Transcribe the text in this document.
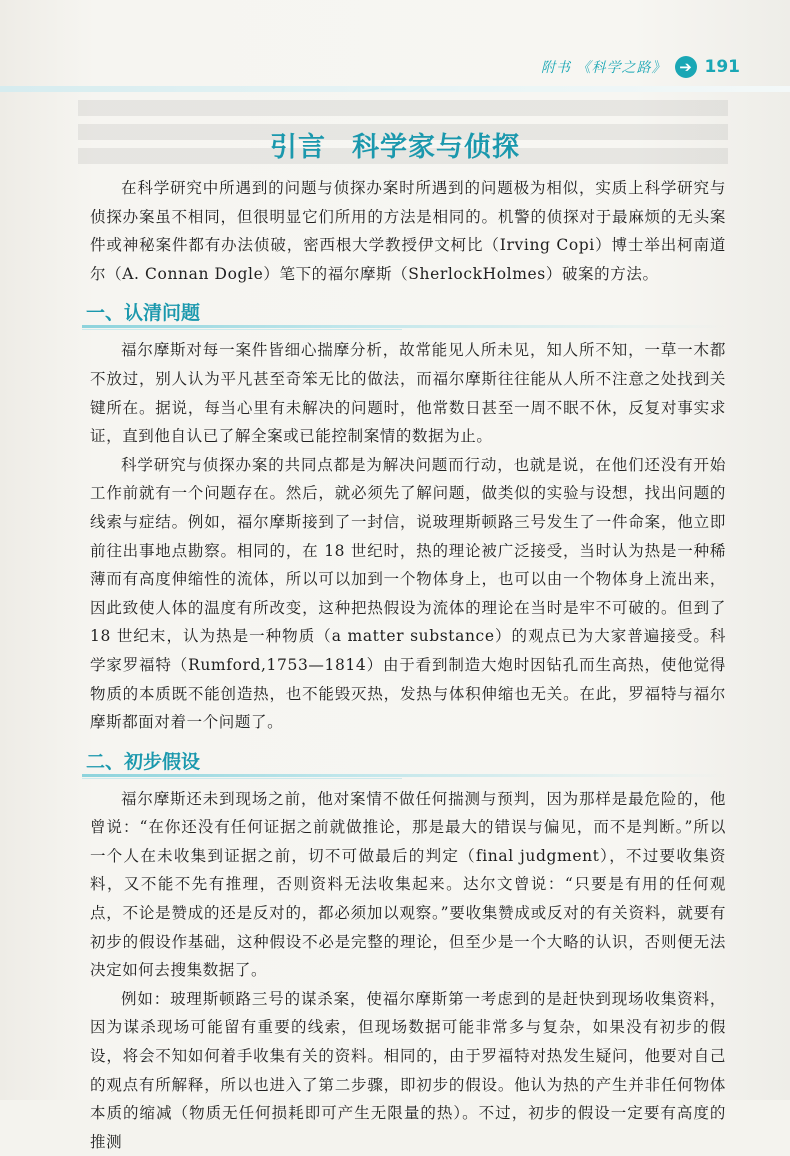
附书 《科学之路》 ➔ 191
引言 科学家与侦探

在科学研究中所遇到的问题与侦探办案时所遇到的问题极为相似，实质上科学研究与侦探办案虽不相同，但很明显它们所用的方法是相同的。机警的侦探对于最麻烦的无头案件或神秘案件都有办法侦破，密西根大学教授伊文柯比（Irving Copi）博士举出柯南道尔（A. Connan Dogle）笔下的福尔摩斯（SherlockHolmes）破案的方法。

一、认清问题

福尔摩斯对每一案件皆细心揣摩分析，故常能见人所未见，知人所不知，一草一木都不放过，别人认为平凡甚至奇笨无比的做法，而福尔摩斯往往能从人所不注意之处找到关键所在。据说，每当心里有未解决的问题时，他常数日甚至一周不眠不休，反复对事实求证，直到他自认已了解全案或已能控制案情的数据为止。

科学研究与侦探办案的共同点都是为解决问题而行动，也就是说，在他们还没有开始工作前就有一个问题存在。然后，就必须先了解问题，做类似的实验与设想，找出问题的线索与症结。例如，福尔摩斯接到了一封信，说玻理斯顿路三号发生了一件命案，他立即前往出事地点勘察。相同的，在 18 世纪时，热的理论被广泛接受，当时认为热是一种稀薄而有高度伸缩性的流体，所以可以加到一个物体身上，也可以由一个物体身上流出来，因此致使人体的温度有所改变，这种把热假设为流体的理论在当时是牢不可破的。但到了 18 世纪末，认为热是一种物质（a matter substance）的观点已为大家普遍接受。科学家罗福特（Rumford,1753—1814）由于看到制造大炮时因钻孔而生高热，使他觉得物质的本质既不能创造热，也不能毁灭热，发热与体积伸缩也无关。在此，罗福特与福尔摩斯都面对着一个问题了。

二、初步假设

福尔摩斯还未到现场之前，他对案情不做任何揣测与预判，因为那样是最危险的，他曾说：“在你还没有任何证据之前就做推论，那是最大的错误与偏见，而不是判断。”所以一个人在未收集到证据之前，切不可做最后的判定（final judgment），不过要收集资料，又不能不先有推理，否则资料无法收集起来。达尔文曾说：“只要是有用的任何观点，不论是赞成的还是反对的，都必须加以观察。”要收集赞成或反对的有关资料，就要有初步的假设作基础，这种假设不必是完整的理论，但至少是一个大略的认识，否则便无法决定如何去搜集数据了。

例如：玻理斯顿路三号的谋杀案，使福尔摩斯第一考虑到的是赶快到现场收集资料，因为谋杀现场可能留有重要的线索，但现场数据可能非常多与复杂，如果没有初步的假设，将会不知如何着手收集有关的资料。相同的，由于罗福特对热发生疑问，他要对自己的观点有所解释，所以也进入了第二步骤，即初步的假设。他认为热的产生并非任何物体本质的缩减（物质无任何损耗即可产生无限量的热）。不过，初步的假设一定要有高度的推测
